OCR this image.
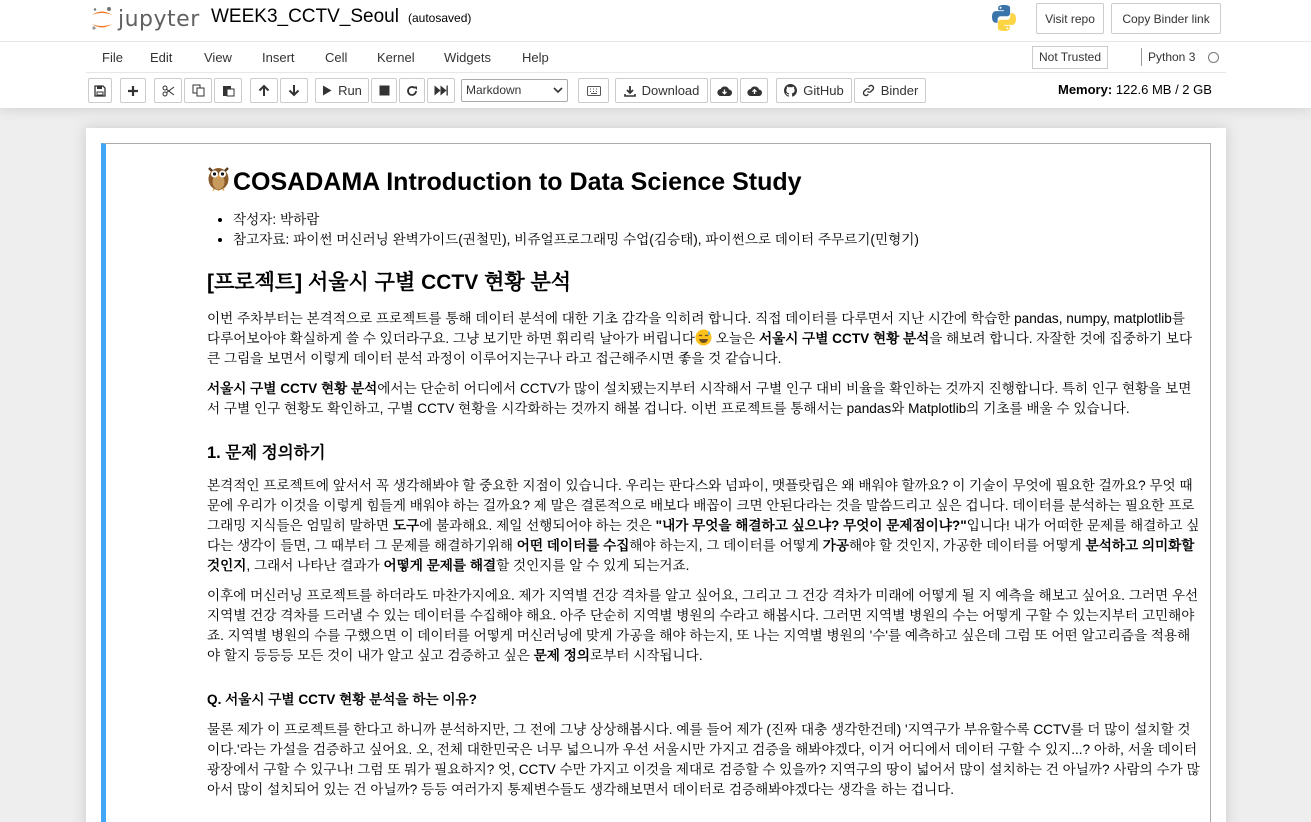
jupyter WEEK3_CCTV_Seoul (autosaved)	Visit repo	Copy Binder link
File Edit View Insert Cell Kernel Widgets Help	Not Trusted	Python 3
Run	Markdown	Download	GitHub	Binder	Memory: 122.6 MB / 2 GB
COSADAMA Introduction to Data Science Study
• 작성자: 박하람
• 참고자료: 파이썬 머신러닝 완벽가이드(권철민), 비쥬얼프로그래밍 수업(김승태), 파이썬으로 데이터 주무르기(민형기)
[프로젝트] 서울시 구별 CCTV 현황 분석

이번 주차부터는 본격적으로 프로젝트를 통해 데이터 분석에 대한 기초 감각을 익히려 합니다. 직접 데이터를 다루면서 지난 시간에 학습한 pandas, numpy, matplotlib를 다루어보아야 확실하게 쓸 수 있더라구요. 그냥 보기만 하면 휘리릭 날아가 버립니다 오늘은 서울시 구별 CCTV 현황 분석을 해보려 합니다. 자잘한 것에 집중하기 보다 큰 그림을 보면서 이렇게 데이터 분석 과정이 이루어지는구나 라고 접근해주시면 좋을 것 같습니다.

서울시 구별 CCTV 현황 분석에서는 단순히 어디에서 CCTV가 많이 설치됐는지부터 시작해서 구별 인구 대비 비율을 확인하는 것까지 진행합니다. 특히 인구 현황을 보면서 구별 인구 현황도 확인하고, 구별 CCTV 현황을 시각화하는 것까지 해볼 겁니다. 이번 프로젝트를 통해서는 pandas와 Matplotlib의 기초를 배울 수 있습니다.

1. 문제 정의하기

본격적인 프로젝트에 앞서서 꼭 생각해봐야 할 중요한 지점이 있습니다. 우리는 판다스와 넘파이, 맷플랏립은 왜 배워야 할까요? 이 기술이 무엇에 필요한 걸까요? 무엇 때문에 우리가 이것을 이렇게 힘들게 배워야 하는 걸까요? 제 말은 결론적으로 배보다 배꼽이 크면 안된다라는 것을 말씀드리고 싶은 겁니다. 데이터를 분석하는 필요한 프로그래밍 지식들은 엄밀히 말하면 도구에 불과해요. 제일 선행되어야 하는 것은 "내가 무엇을 해결하고 싶으냐? 무엇이 문제점이냐?"입니다! 내가 어떠한 문제를 해결하고 싶다는 생각이 들면, 그 때부터 그 문제를 해결하기위해 어떤 데이터를 수집해야 하는지, 그 데이터를 어떻게 가공해야 할 것인지, 가공한 데이터를 어떻게 분석하고 의미화할 것인지, 그래서 나타난 결과가 어떻게 문제를 해결할 것인지를 알 수 있게 되는거죠.

이후에 머신러닝 프로젝트를 하더라도 마찬가지에요. 제가 지역별 건강 격차를 알고 싶어요, 그리고 그 건강 격차가 미래에 어떻게 될 지 예측을 해보고 싶어요. 그러면 우선 지역별 건강 격차를 드러낼 수 있는 데이터를 수집해야 해요. 아주 단순히 지역별 병원의 수라고 해봅시다. 그러면 지역별 병원의 수는 어떻게 구할 수 있는지부터 고민해야죠. 지역별 병원의 수를 구했으면 이 데이터를 어떻게 머신러닝에 맞게 가공을 해야 하는지, 또 나는 지역별 병원의 '수'를 예측하고 싶은데 그럼 또 어떤 알고리즘을 적용해야 할지 등등등 모든 것이 내가 알고 싶고 검증하고 싶은 문제 정의로부터 시작됩니다.

Q. 서울시 구별 CCTV 현황 분석을 하는 이유?

물론 제가 이 프로젝트를 한다고 하니까 분석하지만, 그 전에 그냥 상상해봅시다. 예를 들어 제가 (진짜 대충 생각한건데) '지역구가 부유할수록 CCTV를 더 많이 설치할 것이다.'라는 가설을 검증하고 싶어요. 오, 전체 대한민국은 너무 넓으니까 우선 서울시만 가지고 검증을 해봐야겠다, 이거 어디에서 데이터 구할 수 있지...? 아하, 서울 데이터 광장에서 구할 수 있구나! 그럼 또 뭐가 필요하지? 엇, CCTV 수만 가지고 이것을 제대로 검증할 수 있을까? 지역구의 땅이 넓어서 많이 설치하는 건 아닐까? 사람의 수가 많아서 많이 설치되어 있는 건 아닐까? 등등 여러가지 통제변수들도 생각해보면서 데이터로 검증해봐야겠다는 생각을 하는 겁니다.
